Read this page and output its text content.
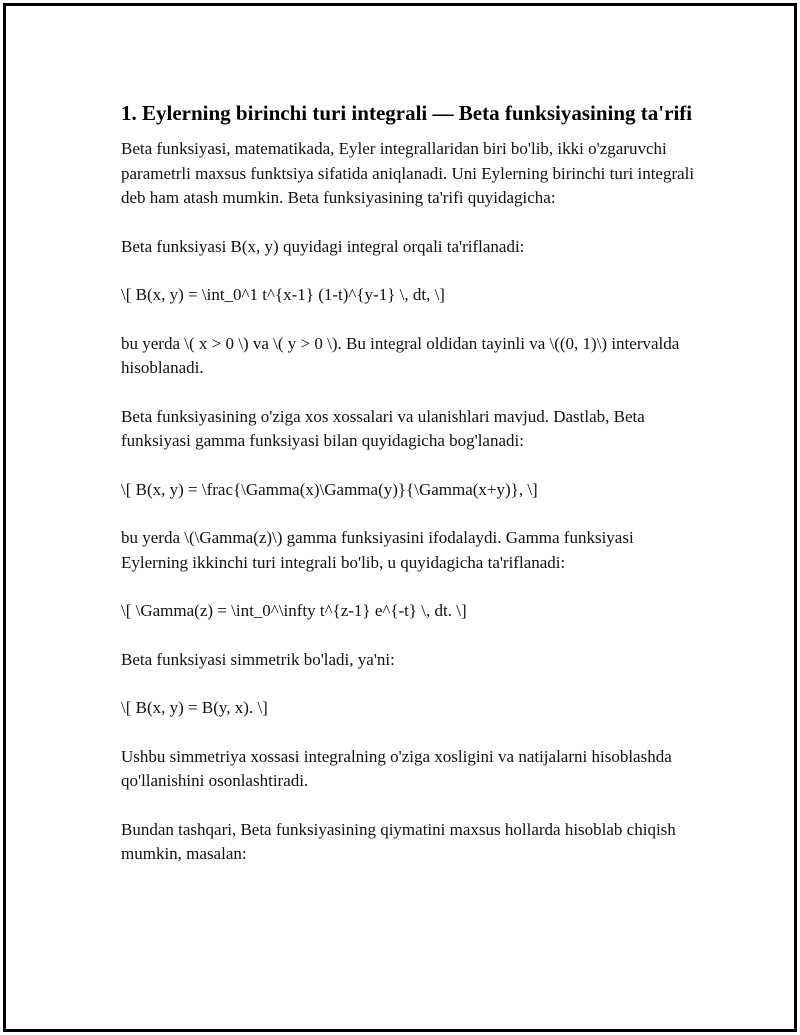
1. Eylerning birinchi turi integrali — Beta funksiyasining ta'rifi

Beta funksiyasi, matematikada, Eyler integrallaridan biri bo'lib, ikki o'zgaruvchi parametrli maxsus funktsiya sifatida aniqlanadi. Uni Eylerning birinchi turi integrali deb ham atash mumkin. Beta funksiyasining ta'rifi quyidagicha:

Beta funksiyasi B(x, y) quyidagi integral orqali ta'riflanadi:

\[ B(x, y) = \int_0^1 t^{x-1} (1-t)^{y-1} \, dt, \]

bu yerda \( x > 0 \) va \( y > 0 \). Bu integral oldidan tayinli va \((0, 1)\) intervalda hisoblanadi.

Beta funksiyasining o'ziga xos xossalari va ulanishlari mavjud. Dastlab, Beta funksiyasi gamma funksiyasi bilan quyidagicha bog'lanadi:

\[ B(x, y) = \frac{\Gamma(x)\Gamma(y)}{\Gamma(x+y)}, \]

bu yerda \(\Gamma(z)\) gamma funksiyasini ifodalaydi. Gamma funksiyasi Eylerning ikkinchi turi integrali bo'lib, u quyidagicha ta'riflanadi:

\[ \Gamma(z) = \int_0^\infty t^{z-1} e^{-t} \, dt. \]

Beta funksiyasi simmetrik bo'ladi, ya'ni:

\[ B(x, y) = B(y, x). \]

Ushbu simmetriya xossasi integralning o'ziga xosligini va natijalarni hisoblashda qo'llanishini osonlashtiradi.

Bundan tashqari, Beta funksiyasining qiymatini maxsus hollarda hisoblab chiqish mumkin, masalan:
